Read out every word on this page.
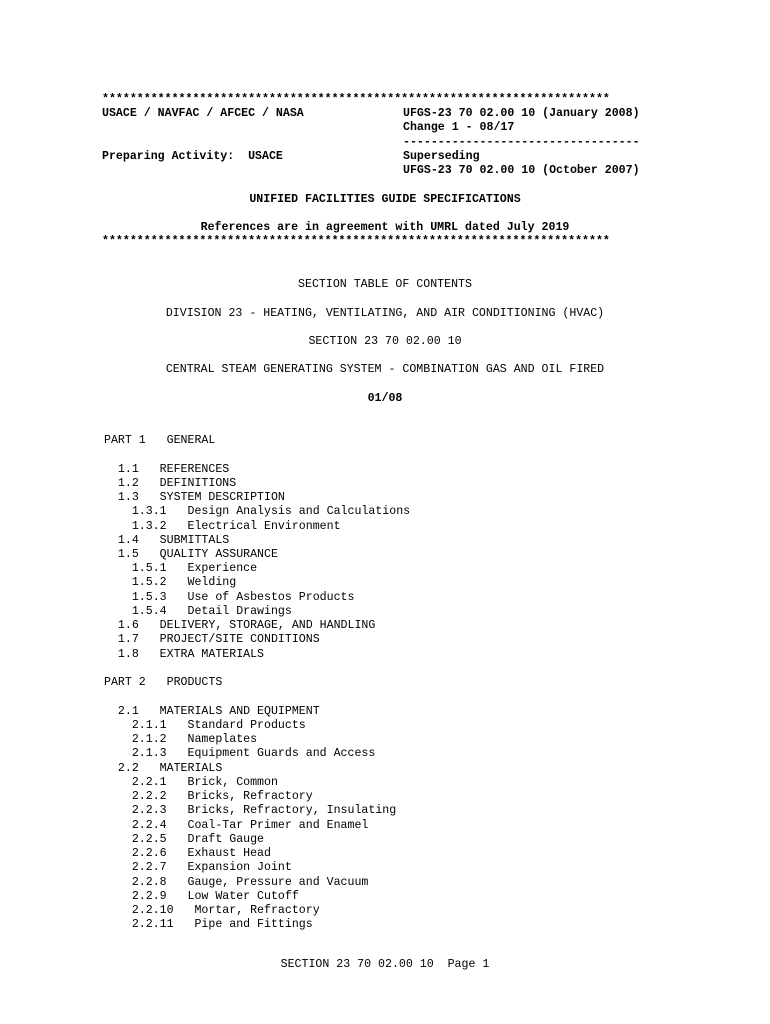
*************************************************************************
USACE / NAVFAC / AFCEC / NASA	UFGS-23 70 02.00 10 (January 2008)
Change 1 - 08/17
----------------------------------
Preparing Activity:  USACE	Superseding
UFGS-23 70 02.00 10 (October 2007)
UNIFIED FACILITIES GUIDE SPECIFICATIONS
References are in agreement with UMRL dated July 2019
*************************************************************************
SECTION TABLE OF CONTENTS
DIVISION 23 - HEATING, VENTILATING, AND AIR CONDITIONING (HVAC)
SECTION 23 70 02.00 10
CENTRAL STEAM GENERATING SYSTEM - COMBINATION GAS AND OIL FIRED
01/08
PART 1   GENERAL
1.1   REFERENCES
1.2   DEFINITIONS
1.3   SYSTEM DESCRIPTION
1.3.1   Design Analysis and Calculations
1.3.2   Electrical Environment
1.4   SUBMITTALS
1.5   QUALITY ASSURANCE
1.5.1   Experience
1.5.2   Welding
1.5.3   Use of Asbestos Products
1.5.4   Detail Drawings
1.6   DELIVERY, STORAGE, AND HANDLING
1.7   PROJECT/SITE CONDITIONS
1.8   EXTRA MATERIALS
PART 2   PRODUCTS
2.1   MATERIALS AND EQUIPMENT
2.1.1   Standard Products
2.1.2   Nameplates
2.1.3   Equipment Guards and Access
2.2   MATERIALS
2.2.1   Brick, Common
2.2.2   Bricks, Refractory
2.2.3   Bricks, Refractory, Insulating
2.2.4   Coal-Tar Primer and Enamel
2.2.5   Draft Gauge
2.2.6   Exhaust Head
2.2.7   Expansion Joint
2.2.8   Gauge, Pressure and Vacuum
2.2.9   Low Water Cutoff
2.2.10   Mortar, Refractory
2.2.11   Pipe and Fittings
SECTION 23 70 02.00 10  Page 1
